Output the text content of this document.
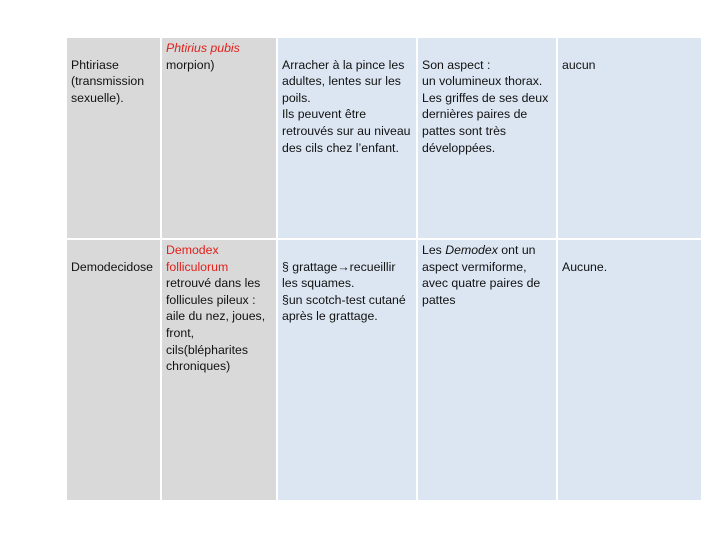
Phtiriase
(transmission
sexuelle).

Phtirius pubis
morpion)	Arracher à la pince les adultes, lentes sur les poils.
Ils peuvent être retrouvés sur au niveau des cils chez l’enfant.

Son aspect :
un volumineux thorax.
Les griffes de ses deux dernières paires de pattes sont très développées.

aucun

Demodecidose

Demodex
folliculorum
retrouvé dans les follicules pileux : aile du nez, joues, front,
cils(blépharites chroniques)

§ grattage→recueillir les squames.
§un scotch-test cutané après le grattage.

Les Demodex ont un aspect vermiforme, avec quatre paires de pattes

Aucune.
